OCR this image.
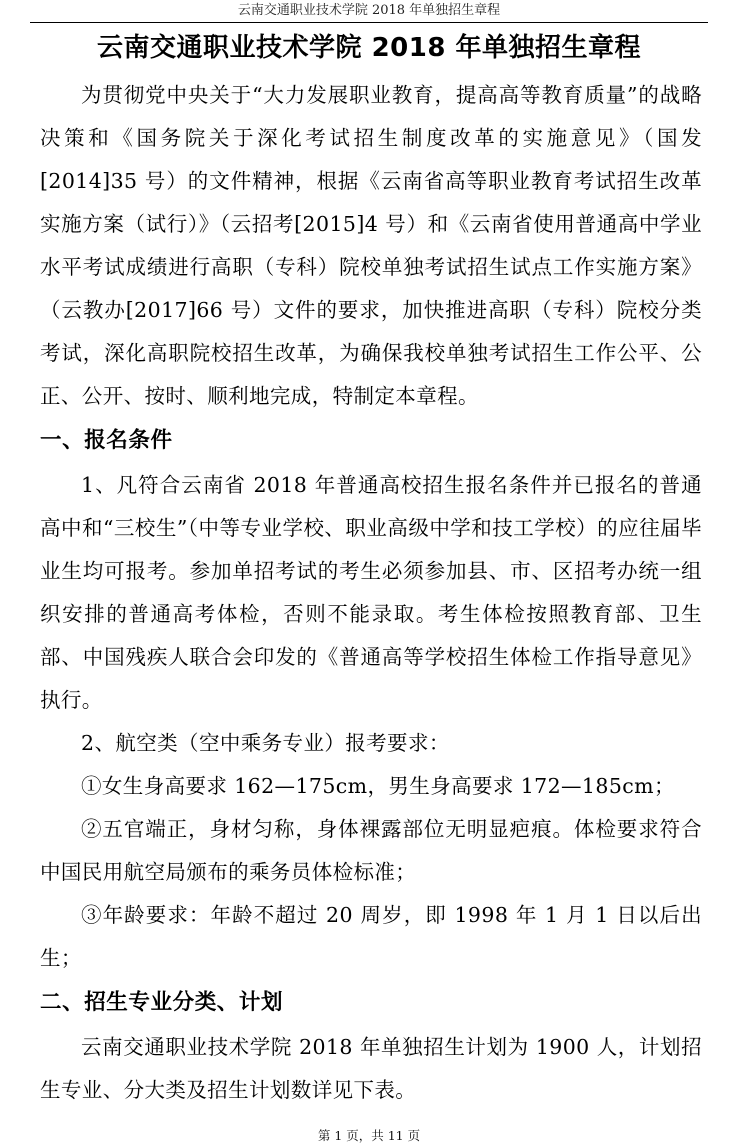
云南交通职业技术学院 2018 年单独招生章程
云南交通职业技术学院 2018 年单独招生章程

为贯彻党中央关于“大力发展职业教育，提高高等教育质量”的战略决策和《国务院关于深化考试招生制度改革的实施意见》（国发[2014]35 号）的文件精神，根据《云南省高等职业教育考试招生改革实施方案（试行）》（云招考[2015]4 号）和《云南省使用普通高中学业水平考试成绩进行高职（专科）院校单独考试招生试点工作实施方案》（云教办[2017]66 号）文件的要求，加快推进高职（专科）院校分类考试，深化高职院校招生改革，为确保我校单独考试招生工作公平、公正、公开、按时、顺利地完成，特制定本章程。

一、报名条件

1、凡符合云南省 2018 年普通高校招生报名条件并已报名的普通高中和“三校生”（中等专业学校、职业高级中学和技工学校）的应往届毕业生均可报考。参加单招考试的考生必须参加县、市、区招考办统一组织安排的普通高考体检，否则不能录取。考生体检按照教育部、卫生部、中国残疾人联合会印发的《普通高等学校招生体检工作指导意见》执行。

2、航空类（空中乘务专业）报考要求：

①女生身高要求 162—175cm，男生身高要求 172—185cm；

②五官端正，身材匀称，身体裸露部位无明显疤痕。体检要求符合中国民用航空局颁布的乘务员体检标准；

③年龄要求：年龄不超过 20 周岁，即 1998 年 1 月 1 日以后出生；

二、招生专业分类、计划

云南交通职业技术学院 2018 年单独招生计划为 1900 人，计划招生专业、分大类及招生计划数详见下表。

第 1 页，共 11 页
